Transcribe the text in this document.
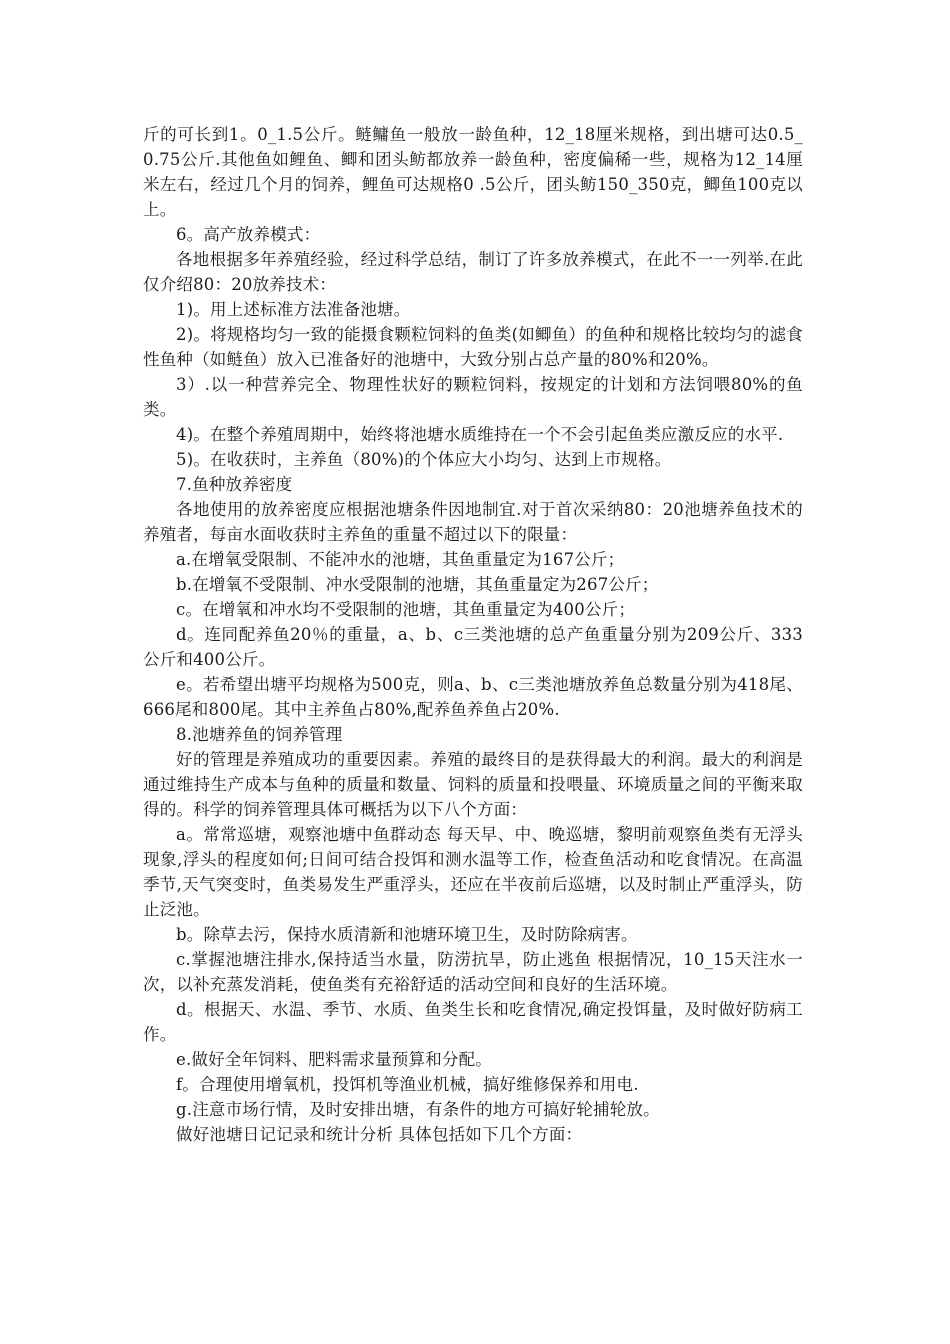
斤的可长到1。0_1.5公斤。鲢鳙鱼一般放一龄鱼种，12_18厘米规格，到出塘可达0.5_0.75公斤.其他鱼如鲤鱼、鲫和团头鲂都放养一龄鱼种，密度偏稀一些，规格为12_14厘米左右，经过几个月的饲养，鲤鱼可达规格0 .5公斤，团头鲂150_350克，鲫鱼100克以上。

6。高产放养模式：

各地根据多年养殖经验，经过科学总结，制订了许多放养模式，在此不一一列举.在此仅介绍80：20放养技术：

1)。用上述标准方法准备池塘。

2)。将规格均匀一致的能摄食颗粒饲料的鱼类(如鲫鱼）的鱼种和规格比较均匀的滤食性鱼种（如鲢鱼）放入已准备好的池塘中，大致分别占总产量的80%和20%。

3）.以一种营养完全、物理性状好的颗粒饲料，按规定的计划和方法饲喂80%的鱼类。

4)。在整个养殖周期中，始终将池塘水质维持在一个不会引起鱼类应激反应的水平.

5)。在收获时，主养鱼（80%)的个体应大小均匀、达到上市规格。

7.鱼种放养密度

各地使用的放养密度应根据池塘条件因地制宜.对于首次采纳80：20池塘养鱼技术的养殖者，每亩水面收获时主养鱼的重量不超过以下的限量：

a.在增氧受限制、不能冲水的池塘，其鱼重量定为167公斤；

b.在增氧不受限制、冲水受限制的池塘，其鱼重量定为267公斤；

c。在增氧和冲水均不受限制的池塘，其鱼重量定为400公斤；

d。连同配养鱼20％的重量，a、b、c三类池塘的总产鱼重量分别为209公斤、333公斤和400公斤。

e。若希望出塘平均规格为500克，则a、b、c三类池塘放养鱼总数量分别为418尾、666尾和800尾。其中主养鱼占80%,配养鱼养鱼占20%.

8.池塘养鱼的饲养管理

好的管理是养殖成功的重要因素。养殖的最终目的是获得最大的利润。最大的利润是通过维持生产成本与鱼种的质量和数量、饲料的质量和投喂量、环境质量之间的平衡来取得的。科学的饲养管理具体可概括为以下八个方面：

a。常常巡塘，观察池塘中鱼群动态 每天早、中、晚巡塘，黎明前观察鱼类有无浮头现象,浮头的程度如何;日间可结合投饵和测水温等工作，检查鱼活动和吃食情况。在高温季节,天气突变时，鱼类易发生严重浮头，还应在半夜前后巡塘，以及时制止严重浮头，防止泛池。

b。除草去污，保持水质清新和池塘环境卫生，及时防除病害。

c.掌握池塘注排水,保持适当水量，防涝抗旱，防止逃鱼 根据情况，10_15天注水一次，以补充蒸发消耗，使鱼类有充裕舒适的活动空间和良好的生活环境。

d。根据天、水温、季节、水质、鱼类生长和吃食情况,确定投饵量，及时做好防病工作。

e.做好全年饲料、肥料需求量预算和分配。

f。合理使用增氧机，投饵机等渔业机械，搞好维修保养和用电.

g.注意市场行情，及时安排出塘，有条件的地方可搞好轮捕轮放。

做好池塘日记记录和统计分析 具体包括如下几个方面：
